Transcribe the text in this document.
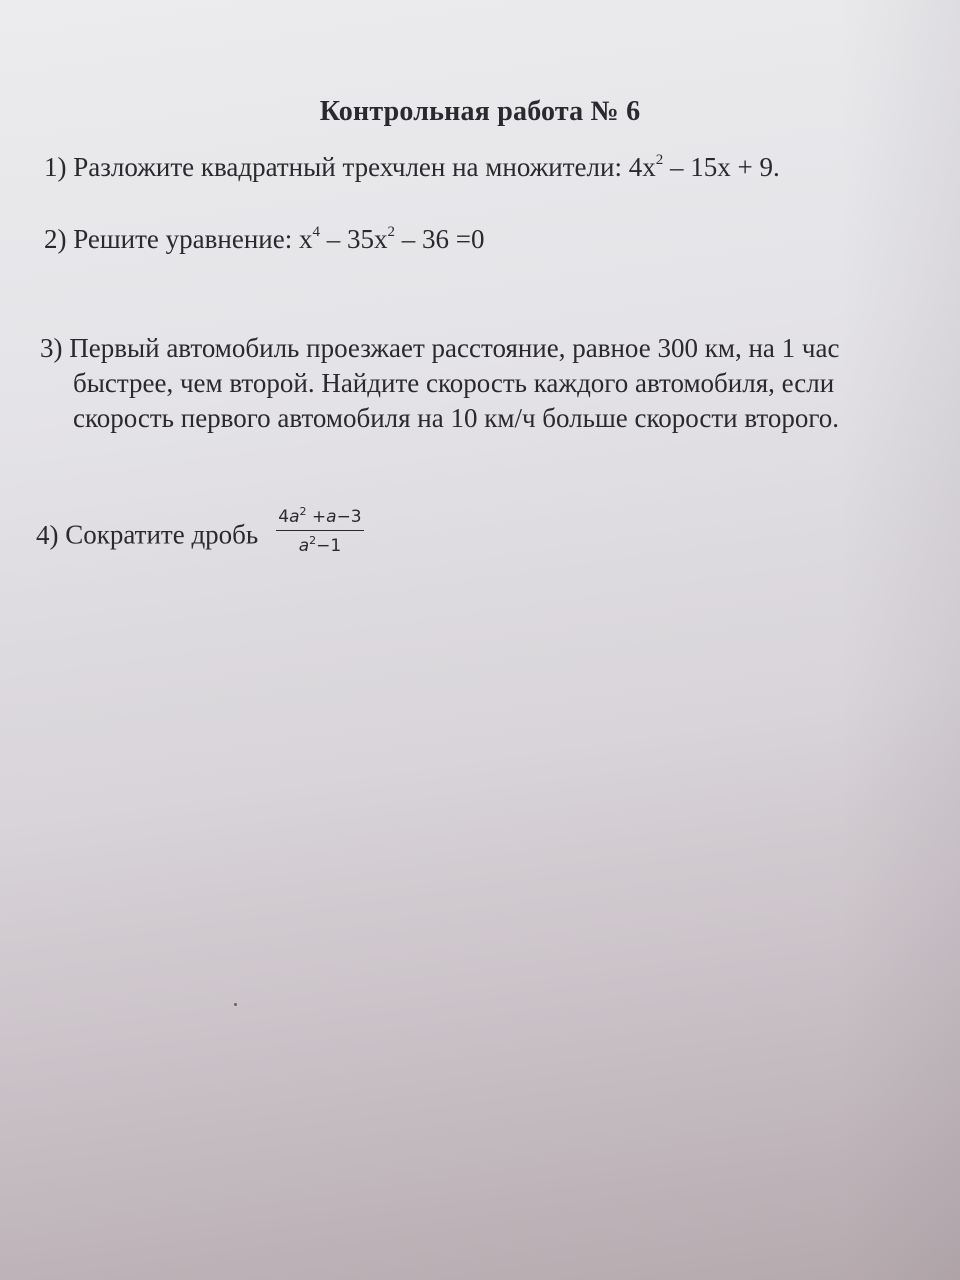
Контрольная работа № 6
1) Разложите квадратный трехчлен на множители: $4x^2 - 15x + 9$.
2) Решите уравнение: $x^4 - 35x^2 - 36 =0$
3) Первый автомобиль проезжает расстояние, равное 300 км, на 1 час
быстрее, чем второй. Найдите скорость каждого автомобиля, если
скорость первого автомобиля на 10 км/ч больше скорости второго.
4) Сократите дробь $\frac{4a^2 +a-3}{a^2-1}$
